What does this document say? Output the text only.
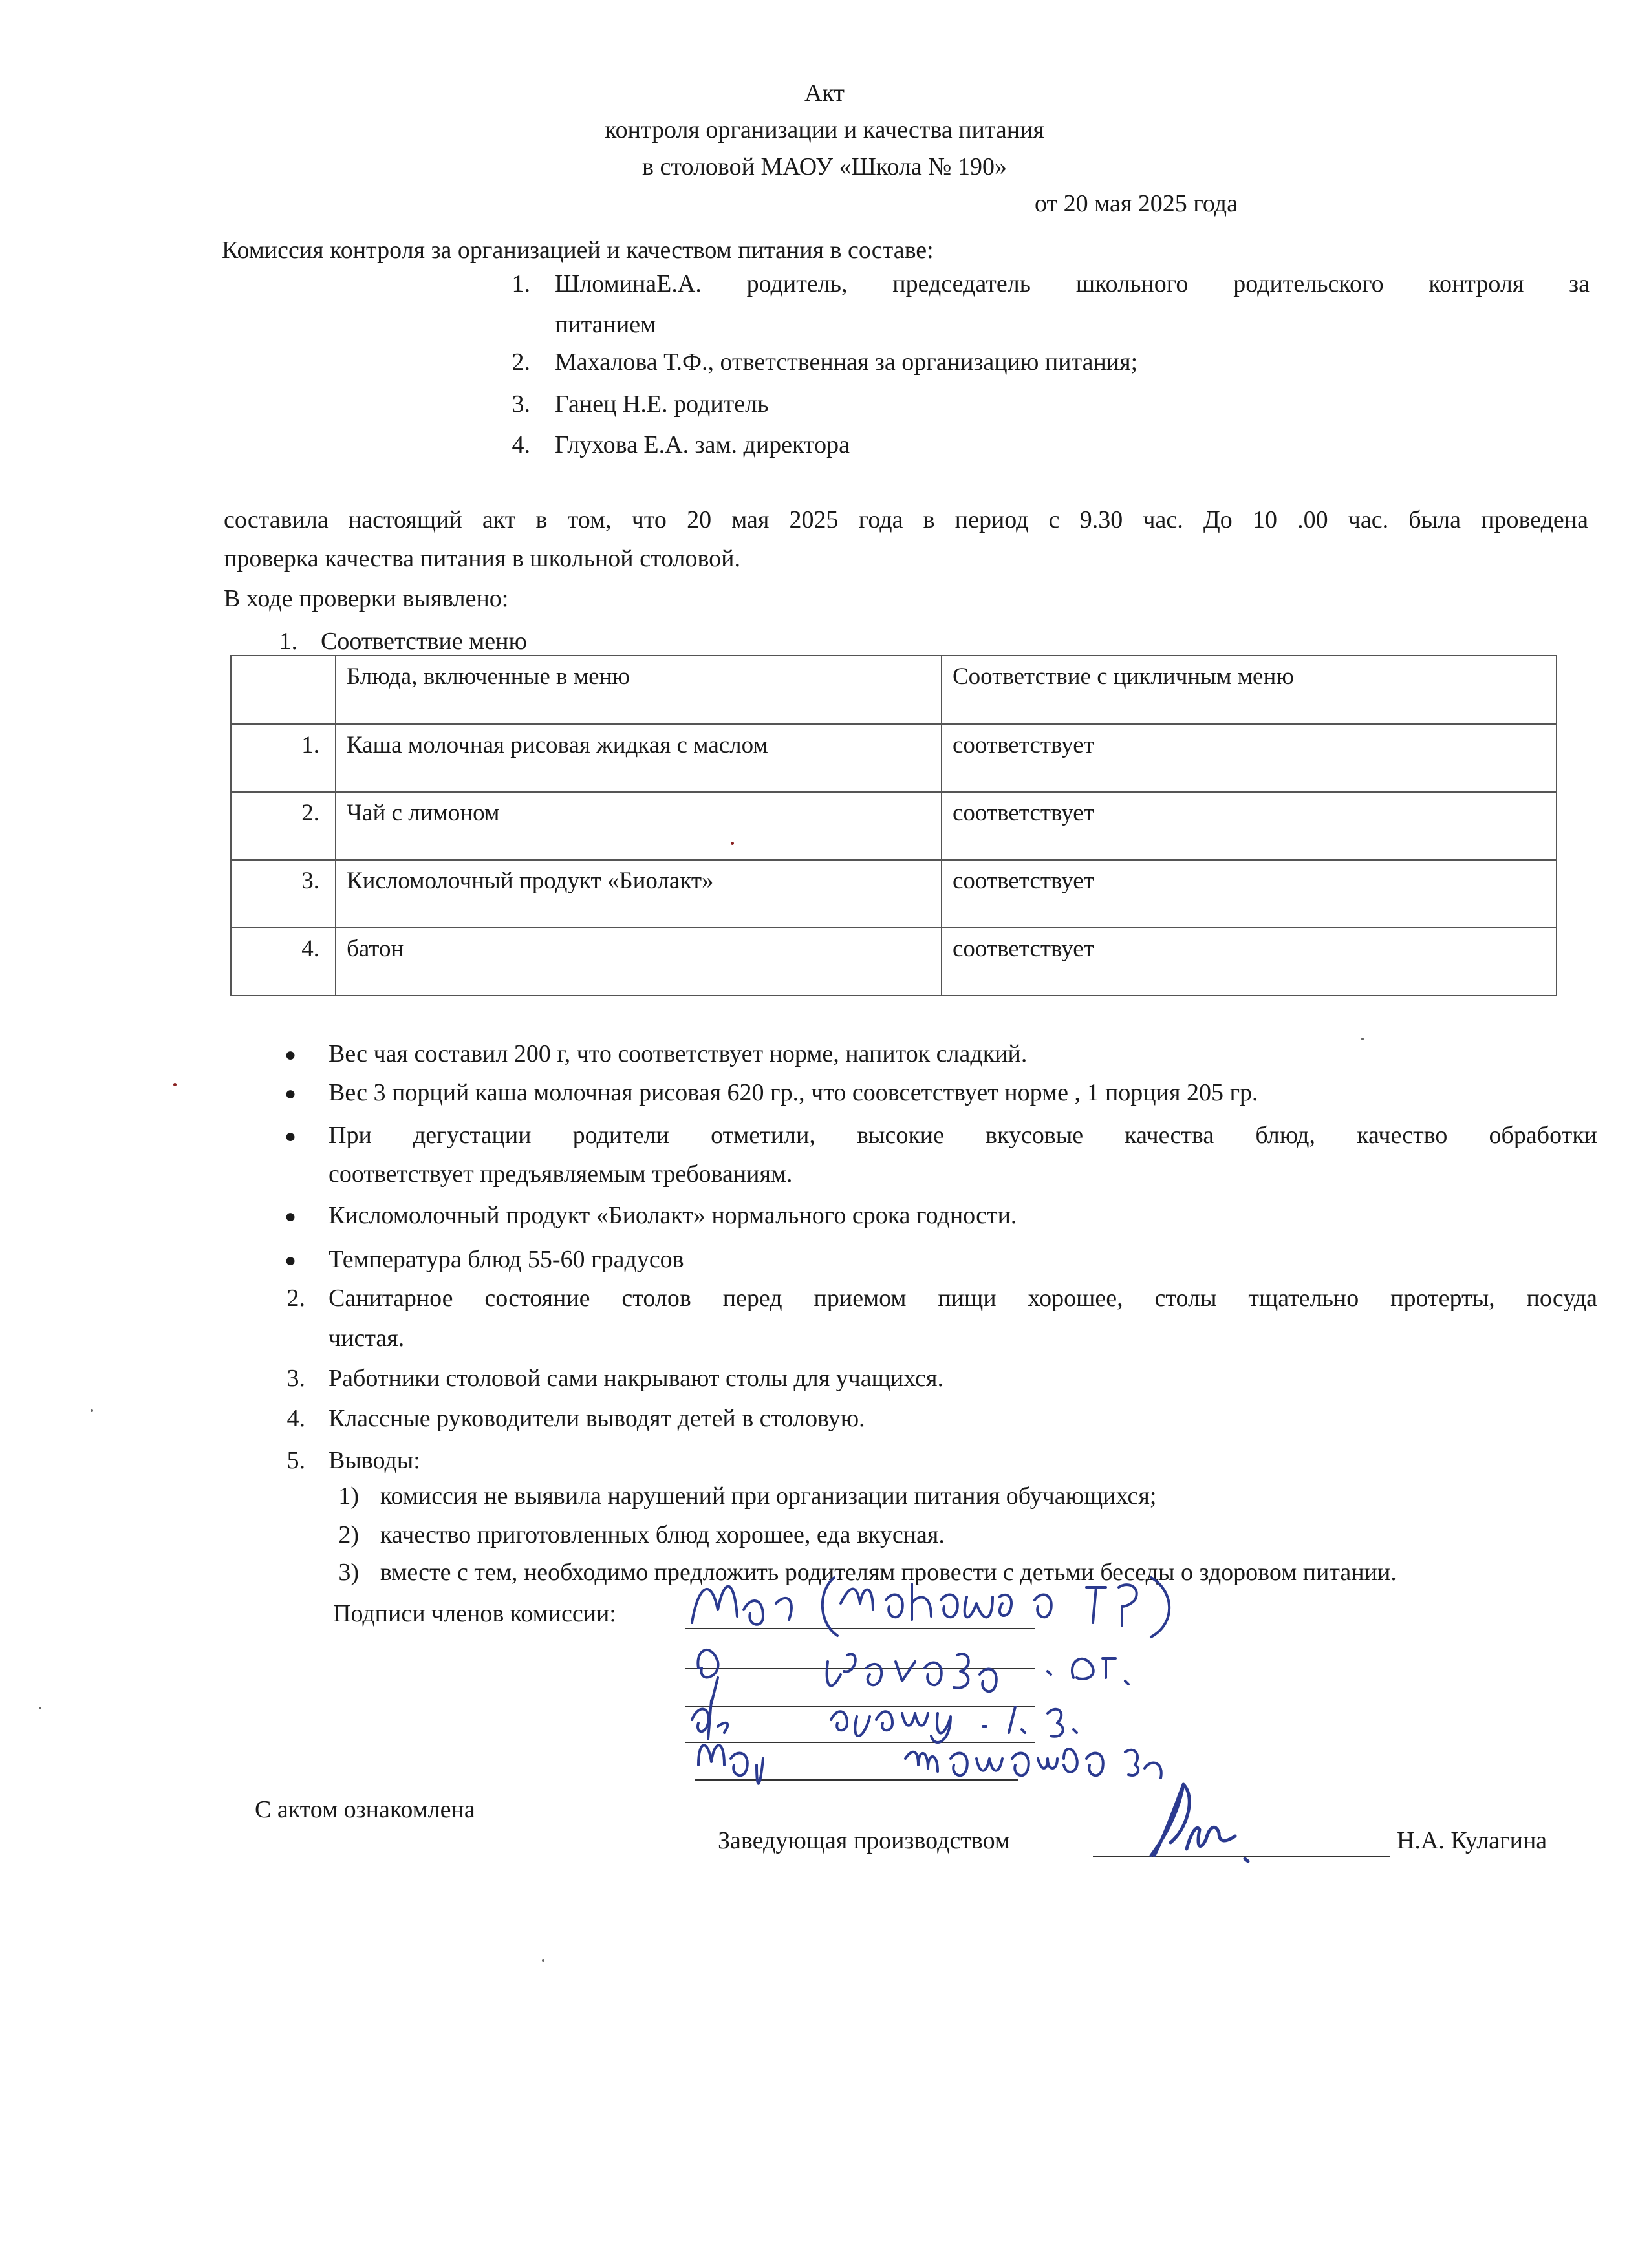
Акт
контроля организации и качества питания
в столовой МАОУ «Школа № 190»
от 20 мая 2025 года
Комиссия контроля за организацией и качеством питания в составе:
1. ШломинаЕ.А. родитель, председатель школьного родительского контроля за
питанием
2. Махалова Т.Ф., ответственная за организацию питания;
3. Ганец Н.Е. родитель
4. Глухова Е.А. зам. директора
составила настоящий акт в том, что 20 мая 2025 года в период с 9.30 час. До 10 .00 час. была проведена
проверка качества питания в школьной столовой.
В ходе проверки выявлено:
1. Соответствие меню
	Блюда, включенные в меню	Соответствие с цикличным меню
1.	Каша молочная рисовая жидкая с маслом	соответствует
2.	Чай с лимоном	соответствует
3.	Кисломолочный продукт «Биолакт»	соответствует
4.	батон	соответствует
● Вес чая составил 200 г, что соответствует норме, напиток сладкий.
● Вес 3 порций каша молочная рисовая 620 гр., что соовсетствует норме , 1 порция 205 гр.
● При дегустации родители отметили, высокие вкусовые качества блюд, качество обработки
соответствует предъявляемым требованиям.
● Кисломолочный продукт «Биолакт» нормального срока годности.
● Температура блюд 55-60 градусов
2. Санитарное состояние столов перед приемом пищи хорошее, столы тщательно протерты, посуда
чистая.
3. Работники столовой сами накрывают столы для учащихся.
4. Классные руководители выводят детей в столовую.
5. Выводы:
1) комиссия не выявила нарушений при организации питания обучающихся;
2) качество приготовленных блюд хорошее, еда вкусная.
3) вместе с тем, необходимо предложить родителям провести с детьми беседы о здоровом питании.
Подписи членов комиссии:
С актом ознакомлена
Заведующая производством	Н.А. Кулагина
